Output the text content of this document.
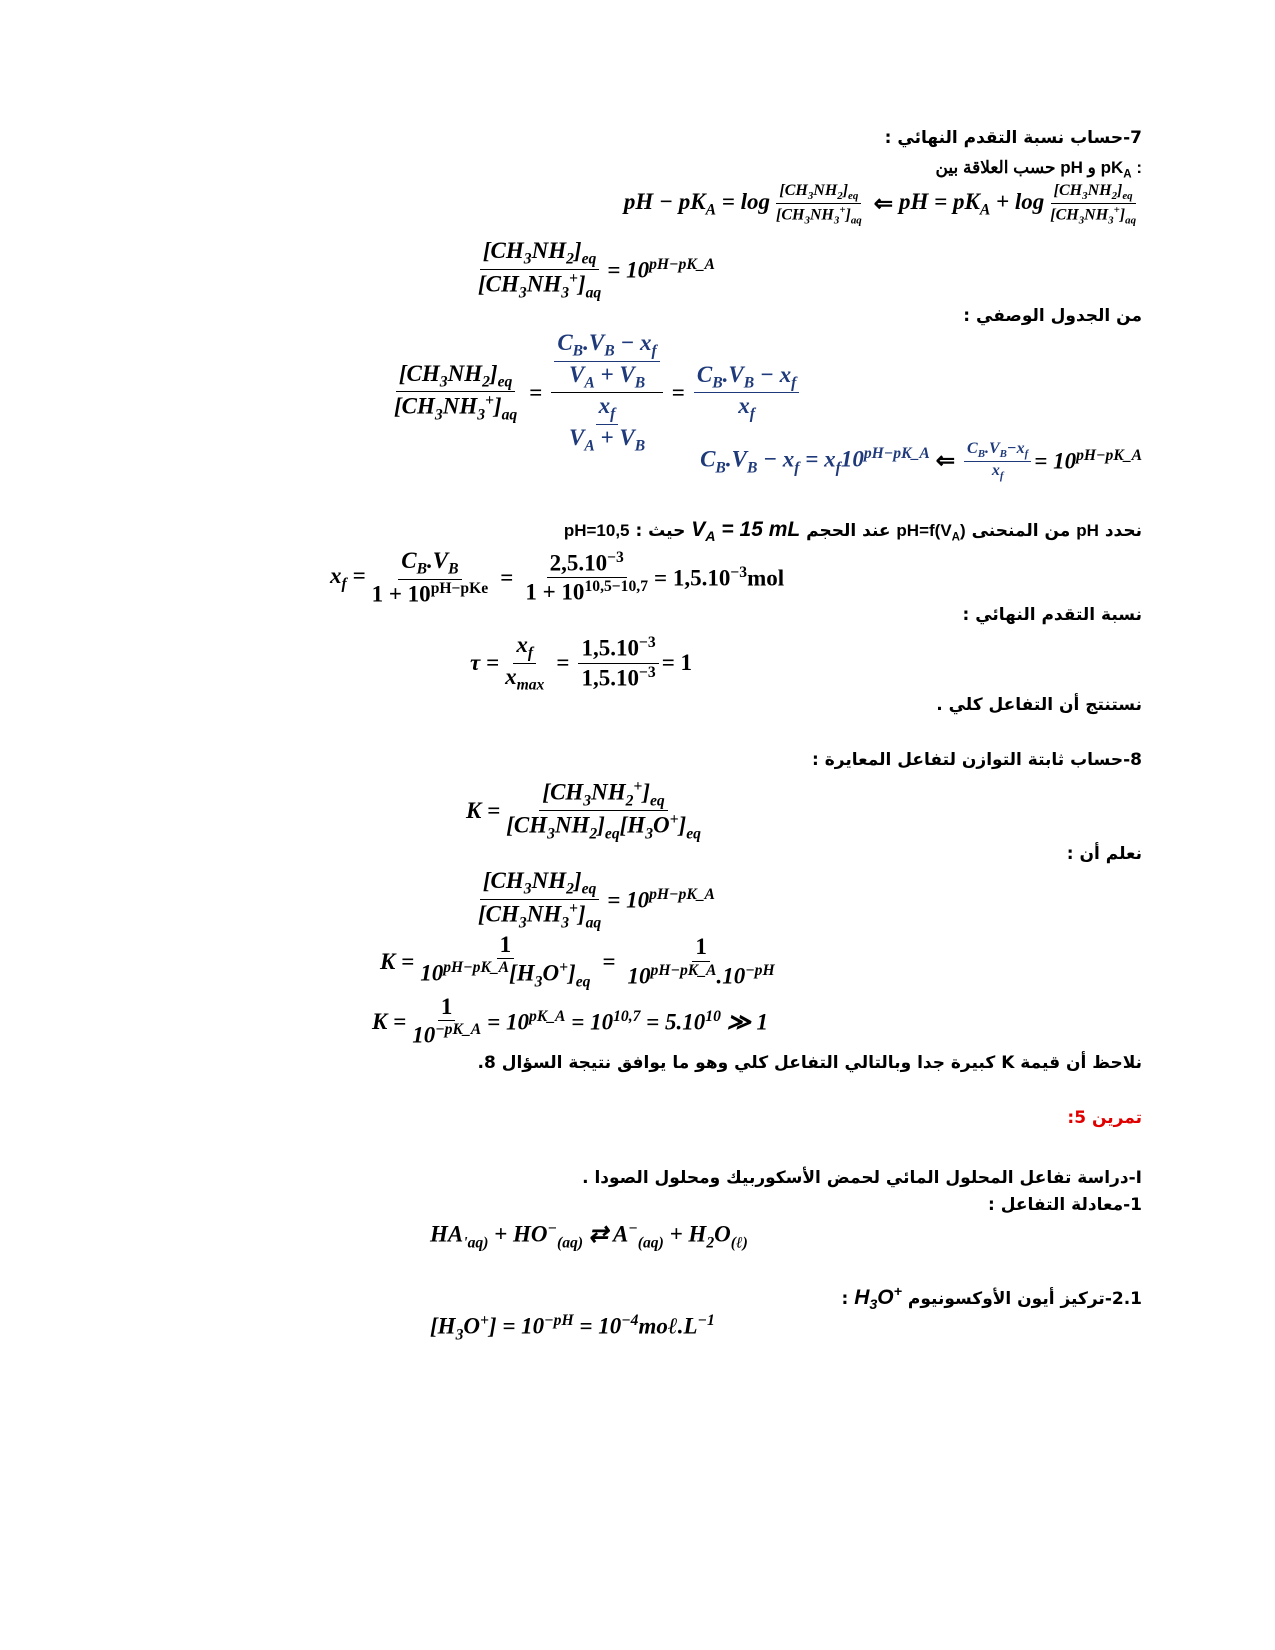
7-حساب نسبة التقدم النهائي :
حسب العلاقة بين pH و $pK_A$ :
pH − $pK_A = \log \frac{[CH_3NH_2]_{eq}}{[CH_3NH_3^+]_{aq}}$ ⇐ pH = $pK_A + \log \frac{[CH_3NH_2]_{eq}}{[CH_3NH_3^+]_{aq}}$
$\frac{[CH_3NH_2]_{eq}}{[CH_3NH_3^+]_{aq}} = 10^{pH-pK\_A}$
من الجدول الوصفي :
$\frac{[CH_3NH_2]_{eq}}{[CH_3NH_3^+]_{aq}} = \frac{\frac{C_B.V_B - x_f}{V_A + V_B}}{\frac{x_f}{V_A + V_B}} = \frac{C_B.V_B - x_f}{x_f}$
$C_B.V_B - x_f = x_f10^{pH-pK\_A}$ ⇐ $\frac{C_B.V_B-x_f}{x_f} = 10^{pH-pK\_A}$
نحدد pH من المنحنى $pH=f(V_A)$ عند الحجم $V_A = 15$ mL حيث : pH=10,5
$x_f = \frac{C_B.V_B}{1 + 10^{pH-pKe}} = \frac{2,5.10^{-3}}{1 + 10^{10,5-10,7}} = 1,5.10^{-3}mol$
نسبة التقدم النهائي :
$\tau = \frac{x_f}{x_{max}} = \frac{1,5.10^{-3}}{1,5.10^{-3}} = 1$
نستنتج أن التفاعل كلي .
8-حساب ثابتة التوازن لتفاعل المعايرة :
$K = \frac{[CH_3NH_2^+]_{eq}}{[CH_3NH_2]_{eq}[H_3O^+]_{eq}}$
نعلم أن :
$\frac{[CH_3NH_2]_{eq}}{[CH_3NH_3^+]_{aq}} = 10^{pH-pK\_A}$
$K = \frac{1}{10^{pH-pK\_A}[H_3O^+]_{eq}} = \frac{1}{10^{pH-pK\_A}.10^{-pH}}$
$K = \frac{1}{10^{-pK\_A}} = 10^{pK\_A} = 10^{10,7} = 5.10^{10}$ ≫ 1
نلاحظ أن قيمة K كبيرة جدا وبالتالي التفاعل كلي وهو ما يوافق نتيجة السؤال 8.
تمرين 5:
I-دراسة تفاعل المحلول المائي لحمض الأسكوربيك ومحلول الصودا .
1-معادلة التفاعل :
$HA_{'aq)} + HO^-_{(aq)}$ ⇄ $A^-_{(aq)} + H_2O_{(\ell)}$
2.1-تركيز أيون الأوكسونيوم $H_3O^+$ :
$[H_3O^+] = 10^{-pH}$ = $10^{-4}mo\ell.L^{-1}$
